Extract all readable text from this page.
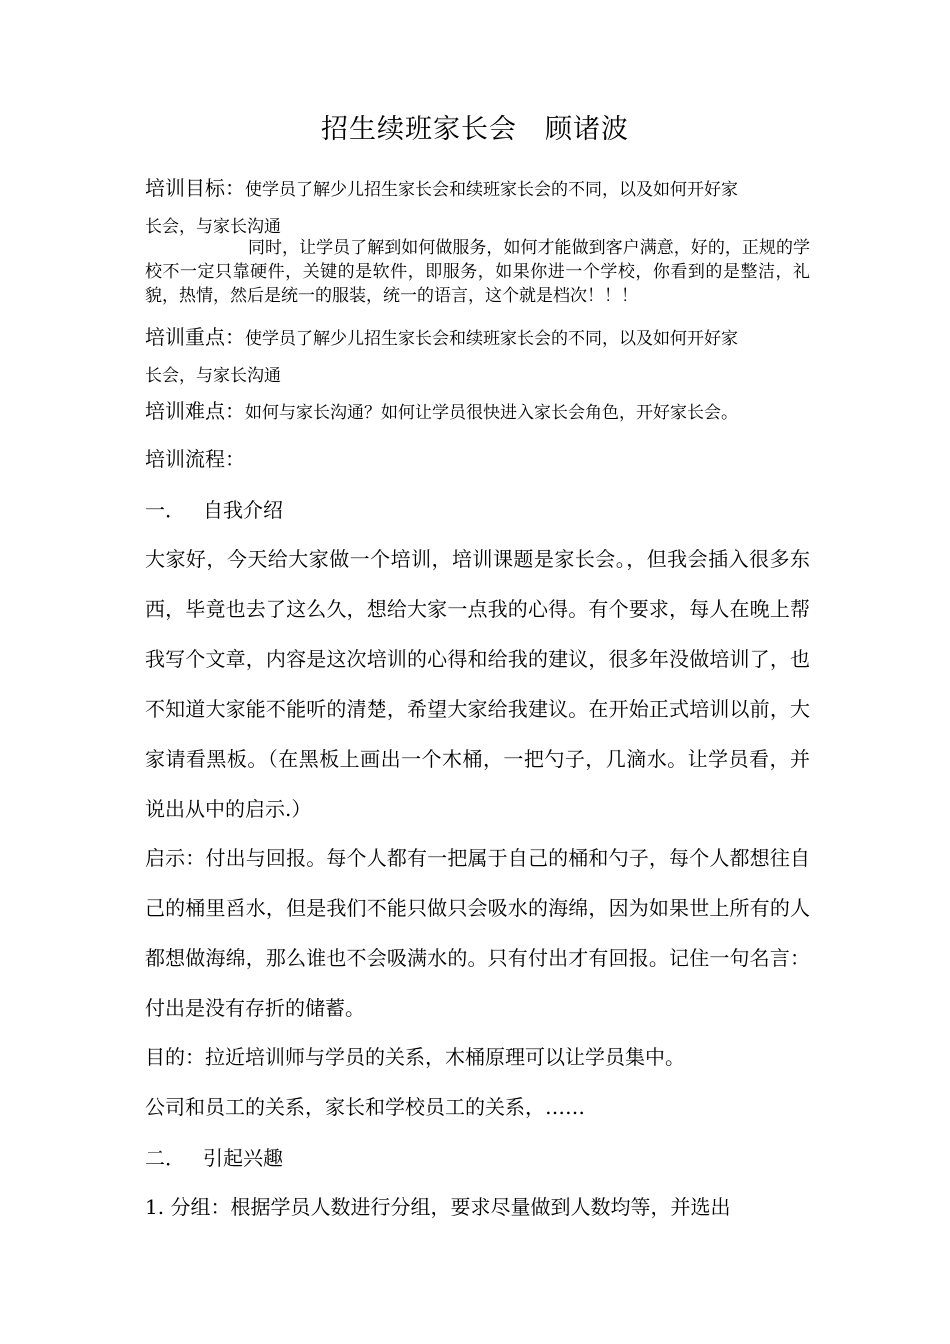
招生续班家长会　顾诸波
培训目标：使学员了解少儿招生家长会和续班家长会的不同，以及如何开好家
长会，与家长沟通
同时，让学员了解到如何做服务，如何才能做到客户满意，好的，正规的学校不一定只靠硬件，关键的是软件，即服务，如果你进一个学校，你看到的是整洁，礼貌，热情，然后是统一的服装，统一的语言，这个就是档次！！！
培训重点：使学员了解少儿招生家长会和续班家长会的不同，以及如何开好家
长会，与家长沟通
培训难点：如何与家长沟通？如何让学员很快进入家长会角色，开好家长会。
培训流程：
一． 自我介绍
大家好，今天给大家做一个培训，培训课题是家长会。，但我会插入很多东西，毕竟也去了这么久，想给大家一点我的心得。有个要求，每人在晚上帮我写个文章，内容是这次培训的心得和给我的建议，很多年没做培训了，也不知道大家能不能听的清楚，希望大家给我建议。在开始正式培训以前，大家请看黑板。（在黑板上画出一个木桶，一把勺子，几滴水。让学员看，并说出从中的启示.）
启示：付出与回报。每个人都有一把属于自己的桶和勺子，每个人都想往自己的桶里舀水，但是我们不能只做只会吸水的海绵，因为如果世上所有的人都想做海绵，那么谁也不会吸满水的。只有付出才有回报。记住一句名言：付出是没有存折的储蓄。
目的：拉近培训师与学员的关系，木桶原理可以让学员集中。
公司和员工的关系，家长和学校员工的关系，……
二． 引起兴趣
1. 分组：根据学员人数进行分组，要求尽量做到人数均等，并选出
